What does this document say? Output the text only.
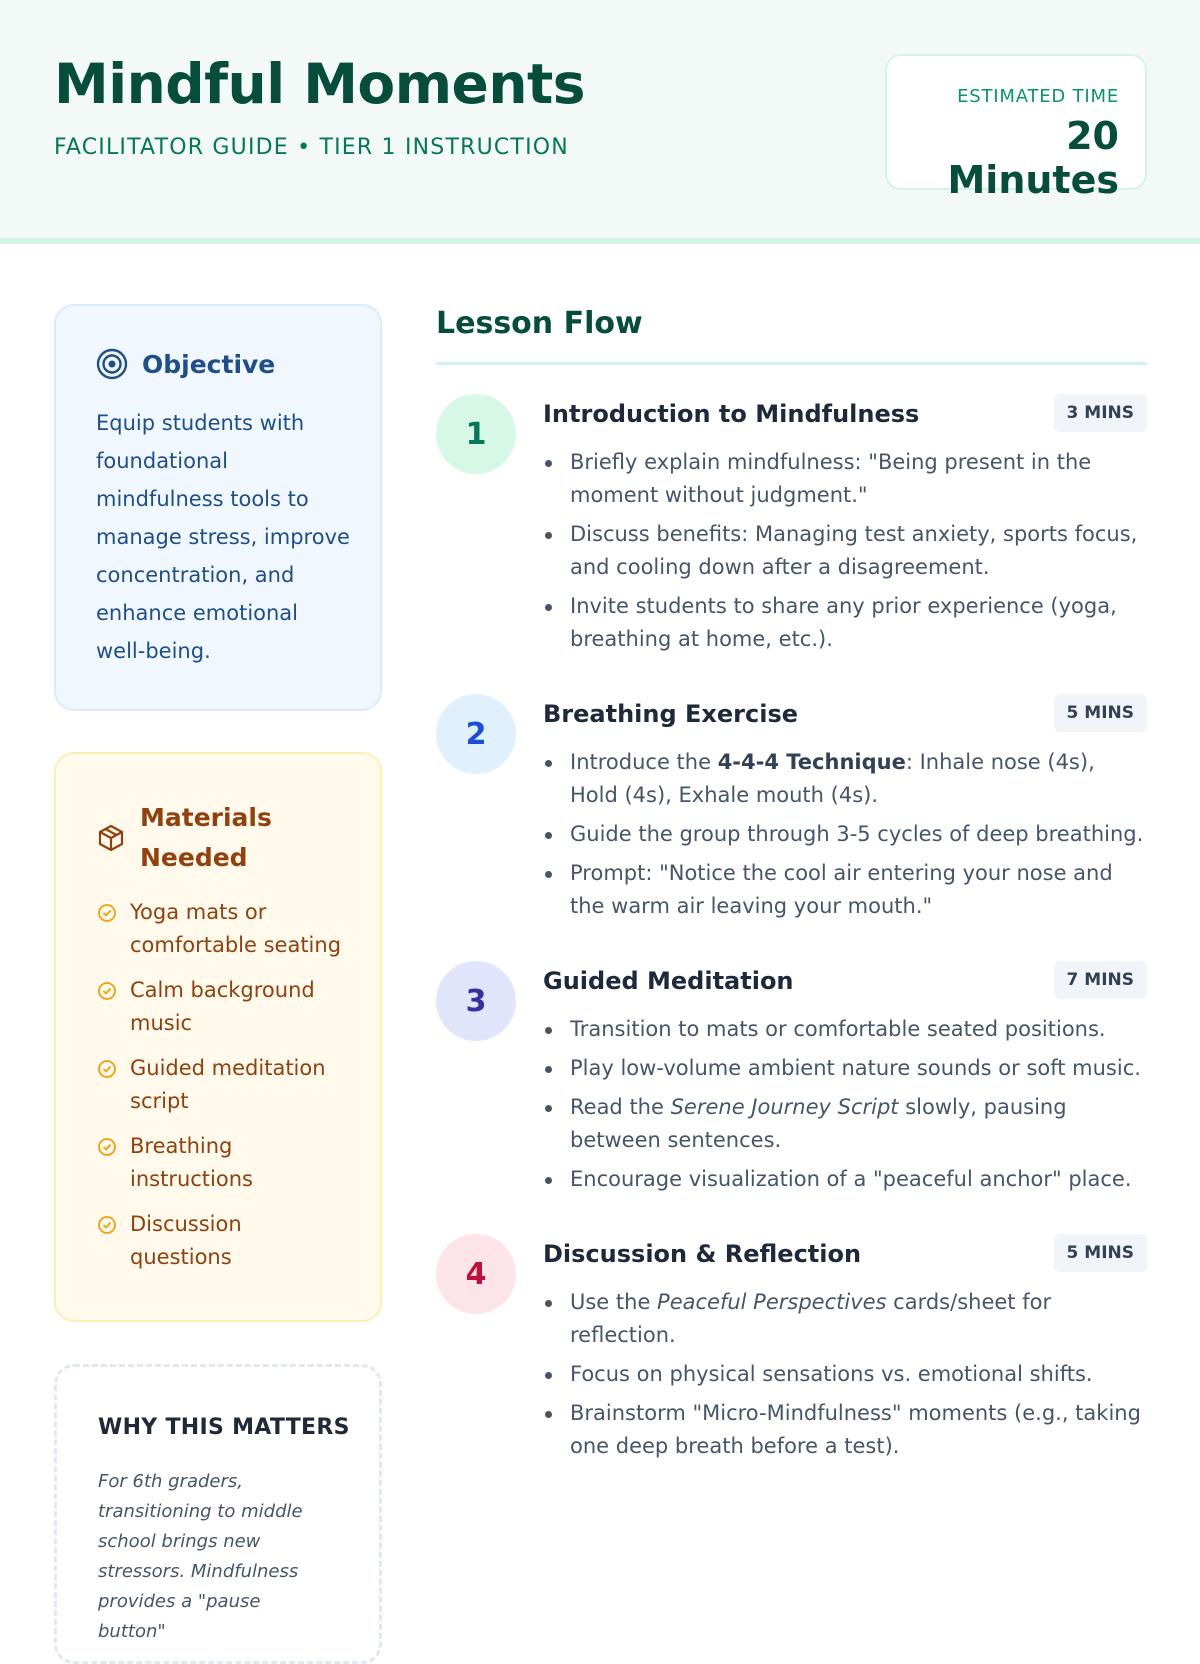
Mindful Moments
FACILITATOR GUIDE • TIER 1 INSTRUCTION
ESTIMATED TIME
20 Minutes
Objective
Equip students with foundational mindfulness tools to manage stress, improve concentration, and enhance emotional well-being.
Materials Needed
Yoga mats or comfortable seating
Calm background music
Guided meditation script
Breathing instructions
Discussion questions
WHY THIS MATTERS
For 6th graders, transitioning to middle school brings new stressors. Mindfulness provides a "pause button"
Lesson Flow
1
Introduction to Mindfulness	3 MINS
Briefly explain mindfulness: "Being present in the moment without judgment."
Discuss benefits: Managing test anxiety, sports focus, and cooling down after a disagreement.
Invite students to share any prior experience (yoga, breathing at home, etc.).
2
Breathing Exercise	5 MINS
Introduce the 4-4-4 Technique: Inhale nose (4s), Hold (4s), Exhale mouth (4s).
Guide the group through 3-5 cycles of deep breathing.
Prompt: "Notice the cool air entering your nose and the warm air leaving your mouth."
3
Guided Meditation	7 MINS
Transition to mats or comfortable seated positions.
Play low-volume ambient nature sounds or soft music.
Read the Serene Journey Script slowly, pausing between sentences.
Encourage visualization of a "peaceful anchor" place.
4
Discussion & Reflection	5 MINS
Use the Peaceful Perspectives cards/sheet for reflection.
Focus on physical sensations vs. emotional shifts.
Brainstorm "Micro-Mindfulness" moments (e.g., taking one deep breath before a test).
